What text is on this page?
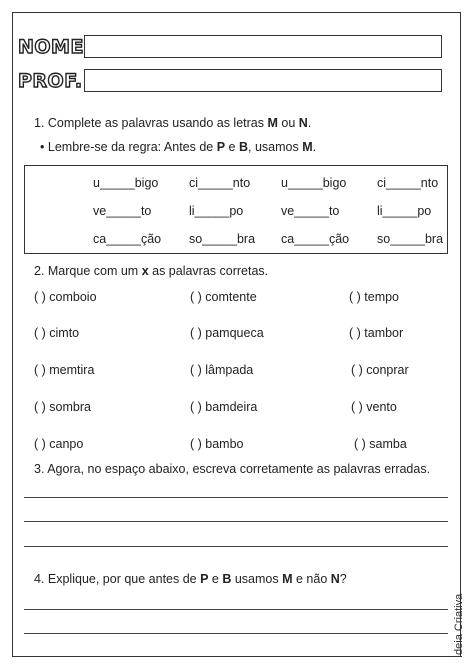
NOME
PROF.
1. Complete as palavras usando as letras M ou N.
• Lembre-se da regra: Antes de P e B, usamos M.
u_____bigo ci_____nto u_____bigo ci_____nto
ve_____to	li_____po	ve_____to	li_____po
ca_____ção so_____bra ca_____ção so_____bra
2. Marque com um x as palavras corretas.
( ) comboio	( ) comtente	( ) tempo
( ) cimto	( ) pamqueca	( ) tambor
( ) memtira	( ) lâmpada	( ) conprar
( ) sombra	( ) bamdeira	( ) vento
( ) canpo	( ) bambo	( ) samba
3. Agora, no espaço abaixo, escreva corretamente as palavras erradas.
4. Explique, por que antes de P e B usamos M e não N?
Ideia Criativa
